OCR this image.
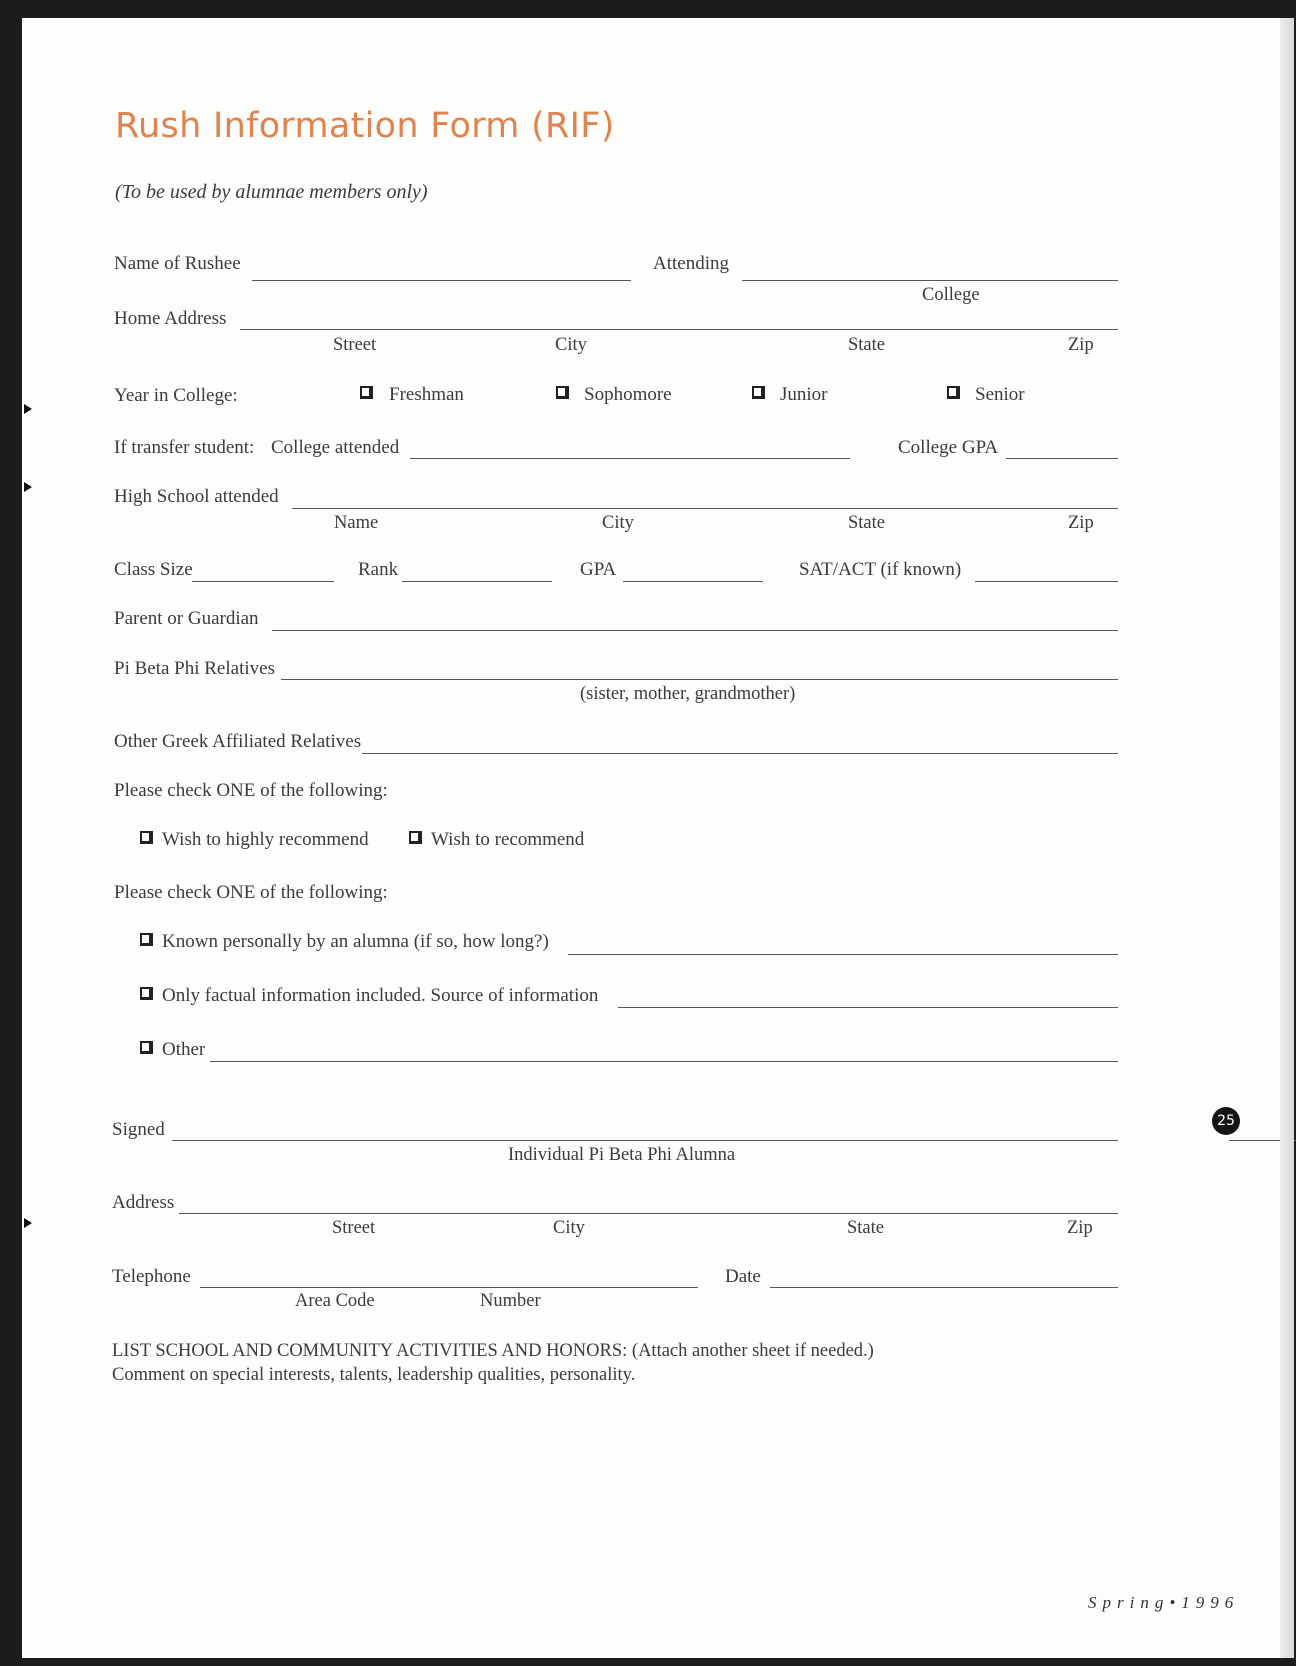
Rush Information Form (RIF)
(To be used by alumnae members only)
Name of Rushee	Attending
College
Home Address
Street	City	State	Zip
Year in College:	Freshman	Sophomore	Junior	Senior
If transfer student: College attended	College GPA
High School attended
Name	City	State	Zip
Class Size	Rank	GPA	SAT/ACT (if known)
Parent or Guardian
Pi Beta Phi Relatives
(sister, mother, grandmother)
Other Greek Affiliated Relatives
Please check ONE of the following:
Wish to highly recommend	Wish to recommend
Please check ONE of the following:
Known personally by an alumna (if so, how long?)
Only factual information included. Source of information
Other
Signed
Individual Pi Beta Phi Alumna
Address
Street	City	State	Zip
Telephone
Area Code	Number
Date
LIST SCHOOL AND COMMUNITY ACTIVITIES AND HONORS: (Attach another sheet if needed.)
Comment on special interests, talents, leadership qualities, personality.
25
Spring•1996
